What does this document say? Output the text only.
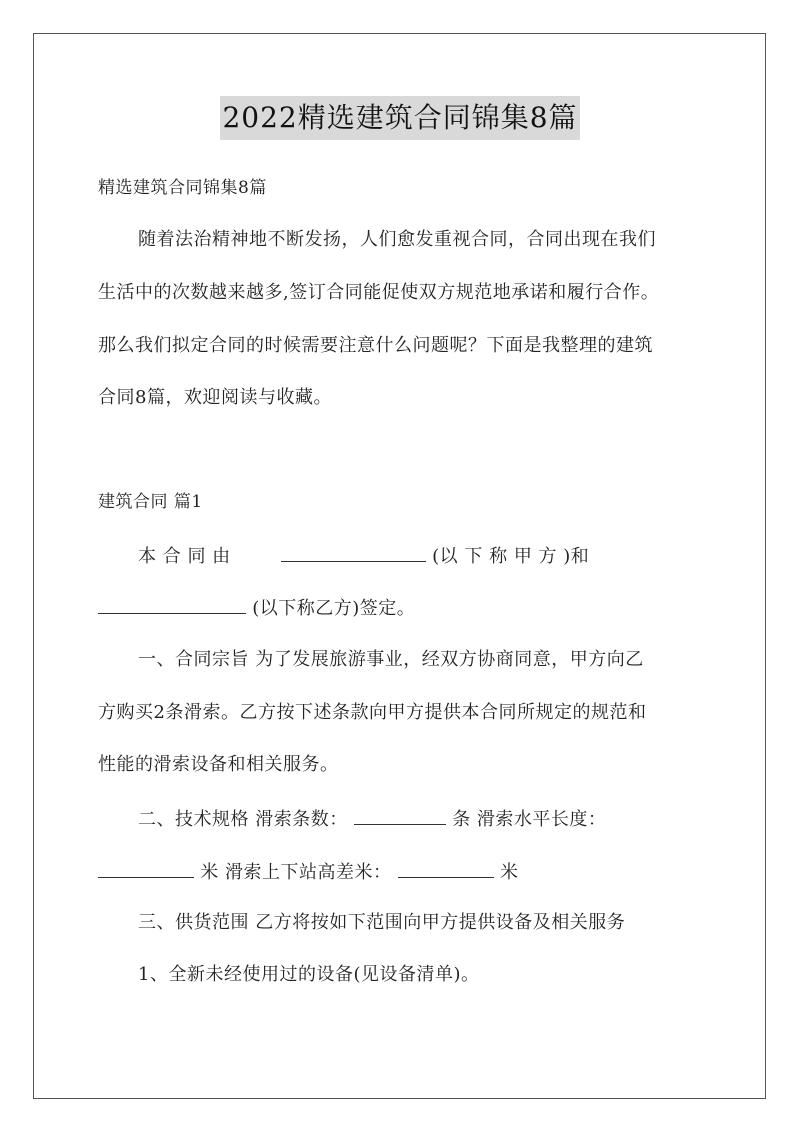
2022精选建筑合同锦集8篇
精选建筑合同锦集8篇
随着法治精神地不断发扬，人们愈发重视合同，合同出现在我们
生活中的次数越来越多,签订合同能促使双方规范地承诺和履行合作。
那么我们拟定合同的时候需要注意什么问题呢？下面是我整理的建筑
合同8篇，欢迎阅读与收藏。
建筑合同 篇1
本 合 同 由	(以 下 称 甲 方 )和
(以下称乙方)签定。
一、合同宗旨 为了发展旅游事业，经双方协商同意，甲方向乙
方购买2条滑索。乙方按下述条款向甲方提供本合同所规定的规范和
性能的滑索设备和相关服务。
二、技术规格 滑索条数：	条 滑索水平长度：
米 滑索上下站高差米：	米
三、供货范围 乙方将按如下范围向甲方提供设备及相关服务
1、全新未经使用过的设备(见设备清单)。
